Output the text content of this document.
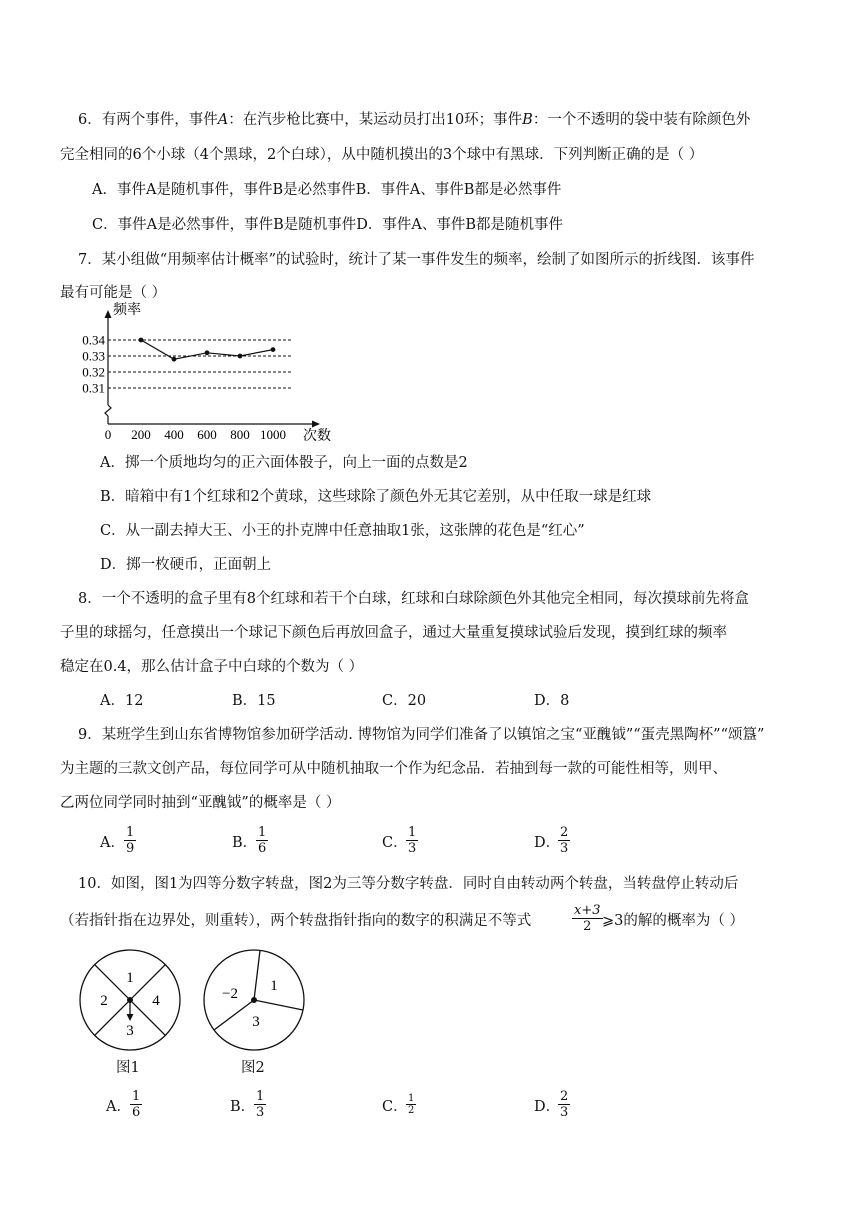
6．有两个事件，事件A：在汽步枪比赛中，某运动员打出10环；事件B：一个不透明的袋中装有除颜色外
完全相同的6个小球（4个黑球，2个白球），从中随机摸出的3个球中有黑球．下列判断正确的是（ ）
A．事件A是随机事件，事件B是必然事件B．事件A、事件B都是必然事件
C．事件A是必然事件，事件B是随机事件D．事件A、事件B都是随机事件
7．某小组做“用频率估计概率”的试验时，统计了某一事件发生的频率，绘制了如图所示的折线图．该事件
最有可能是（ ）
0.34
0.33
0.32
0.31
200 400 600 800 1000
0
频率
次数
A．掷一个质地均匀的正六面体骰子，向上一面的点数是2
B．暗箱中有1个红球和2个黄球，这些球除了颜色外无其它差别，从中任取一球是红球
C．从一副去掉大王、小王的扑克牌中任意抽取1张，这张牌的花色是“红心”
D．掷一枚硬币，正面朝上
8．一个不透明的盒子里有8个红球和若干个白球，红球和白球除颜色外其他完全相同，每次摸球前先将盒
子里的球摇匀，任意摸出一个球记下颜色后再放回盒子，通过大量重复摸球试验后发现，摸到红球的频率
稳定在0.4，那么估计盒子中白球的个数为（ ）
A．12	B．15	C．20	D．8
9．某班学生到山东省博物馆参加研学活动. 博物馆为同学们准备了以镇馆之宝“亚醜钺”“蛋壳黑陶杯”“颂簋”
为主题的三款文创产品，每位同学可从中随机抽取一个作为纪念品．若抽到每一款的可能性相等，则甲、
乙两位同学同时抽到“亚醜钺”的概率是（ ）
A． $\frac{1}{9}$	B．
$\frac{1}{6}$	C．
$\frac{1}{3}$	D．
$\frac{2}{3}$
10．如图，图1为四等分数字转盘，图2为三等分数字转盘．同时自由转动两个转盘，当转盘停止转动后
（若指针指在边界处，则重转），两个转盘指针指向的数字的积满足不等式	$\frac{x+3}{2}$ ⩾3的解的概率为（ ）
1
2	4
3
−2 1
3
图1	图2
A． $\frac{1}{6}$	B．
$\frac{1}{3}$	C．
$\frac{1}{2}$	D．
$\frac{2}{3}$
